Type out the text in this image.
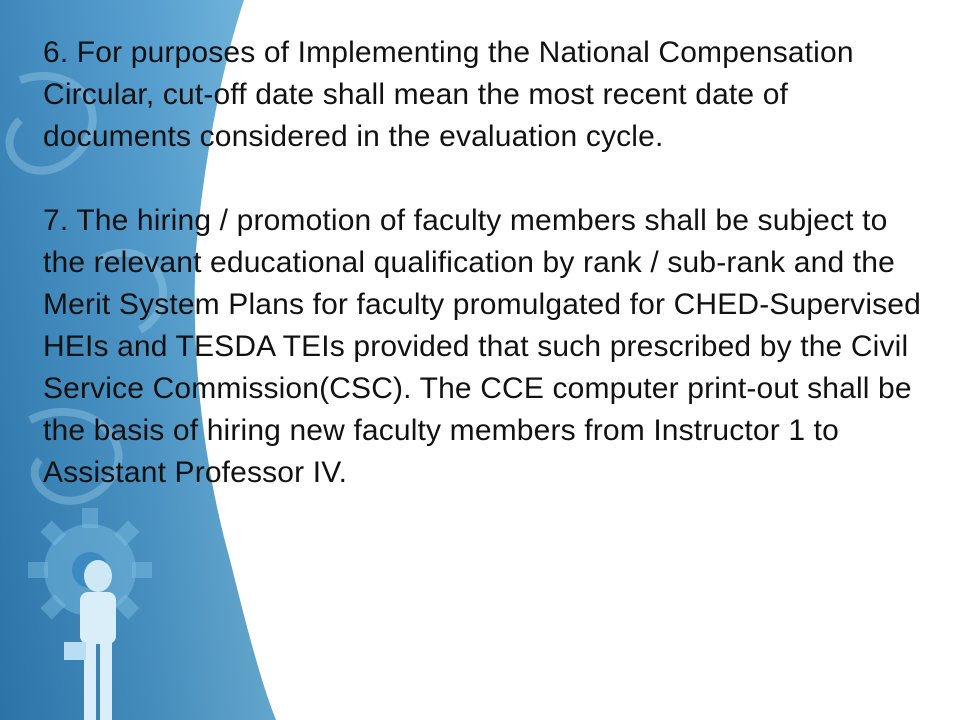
6. For purposes of Implementing the National Compensation Circular, cut-off date shall mean the most recent date of documents considered in the evaluation cycle.

7. The hiring / promotion of faculty members shall be subject to the relevant educational qualification by rank / sub-rank and the Merit System Plans for faculty promulgated for CHED-Supervised HEIs and TESDA TEIs provided that such prescribed by the Civil Service Commission(CSC). The CCE computer print-out shall be the basis of hiring new faculty members from Instructor 1 to Assistant Professor IV.
